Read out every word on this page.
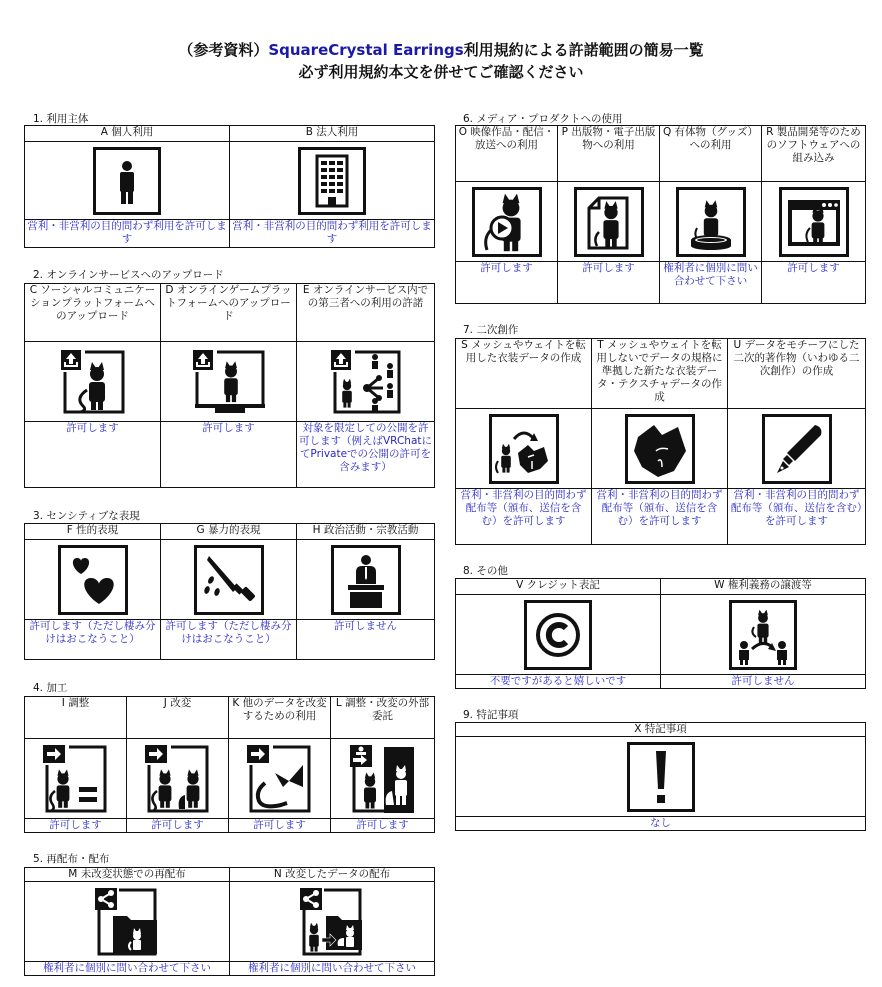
（参考資料）SquareCrystal Earrings利用規約による許諾範囲の簡易一覧
必ず利用規約本文を併せてご確認ください
1. 利用主体
A 個人利用	B 法人利用

営利・非営利の目的問わず利用を許可します	営利・非営利の目的問わず利用を許可します
2. オンラインサービスへのアップロード
C ソーシャルコミュニケーションプラットフォームへのアップロード	D オンラインゲームプラットフォームへのアップロード	E オンラインサービス内での第三者への利用の許諾

許可します	許可します	対象を限定しての公開を許可します（例えばVRChatにてPrivateでの公開の許可を含みます）
3. センシティブな表現
F 性的表現	G 暴力的表現	H 政治活動・宗教活動

許可します（ただし棲み分けはおこなうこと）	許可します（ただし棲み分けはおこなうこと）	許可しません
4. 加工
I 調整	J 改変	K 他のデータを改変するための利用	L 調整・改変の外部委託

許可します	許可します	許可します	許可します
5. 再配布・配布
M 未改変状態での再配布	N 改変したデータの配布

権利者に個別に問い合わせて下さい	権利者に個別に問い合わせて下さい
6. メディア・プロダクトへの使用
O 映像作品・配信・放送への利用	P 出版物・電子出版物への利用	Q 有体物（グッズ）への利用	R 製品開発等のためのソフトウェアへの組み込み

許可します	許可します	権利者に個別に問い合わせて下さい	許可します
7. 二次創作
S メッシュやウェイトを転用した衣装データの作成	T メッシュやウェイトを転用しないでデータの規格に準拠した新たな衣装データ・テクスチャデータの作成	U データをモチーフにした二次的著作物（いわゆる二次創作）の作成

営利・非営利の目的問わず配布等（頒布、送信を含む）を許可します	営利・非営利の目的問わず配布等（頒布、送信を含む）を許可します	営利・非営利の目的問わず配布等（頒布、送信を含む）を許可します
8. その他
V クレジット表記	W 権利義務の譲渡等

不要ですがあると嬉しいです	許可しません
9. 特記事項
X 特記事項

なし
